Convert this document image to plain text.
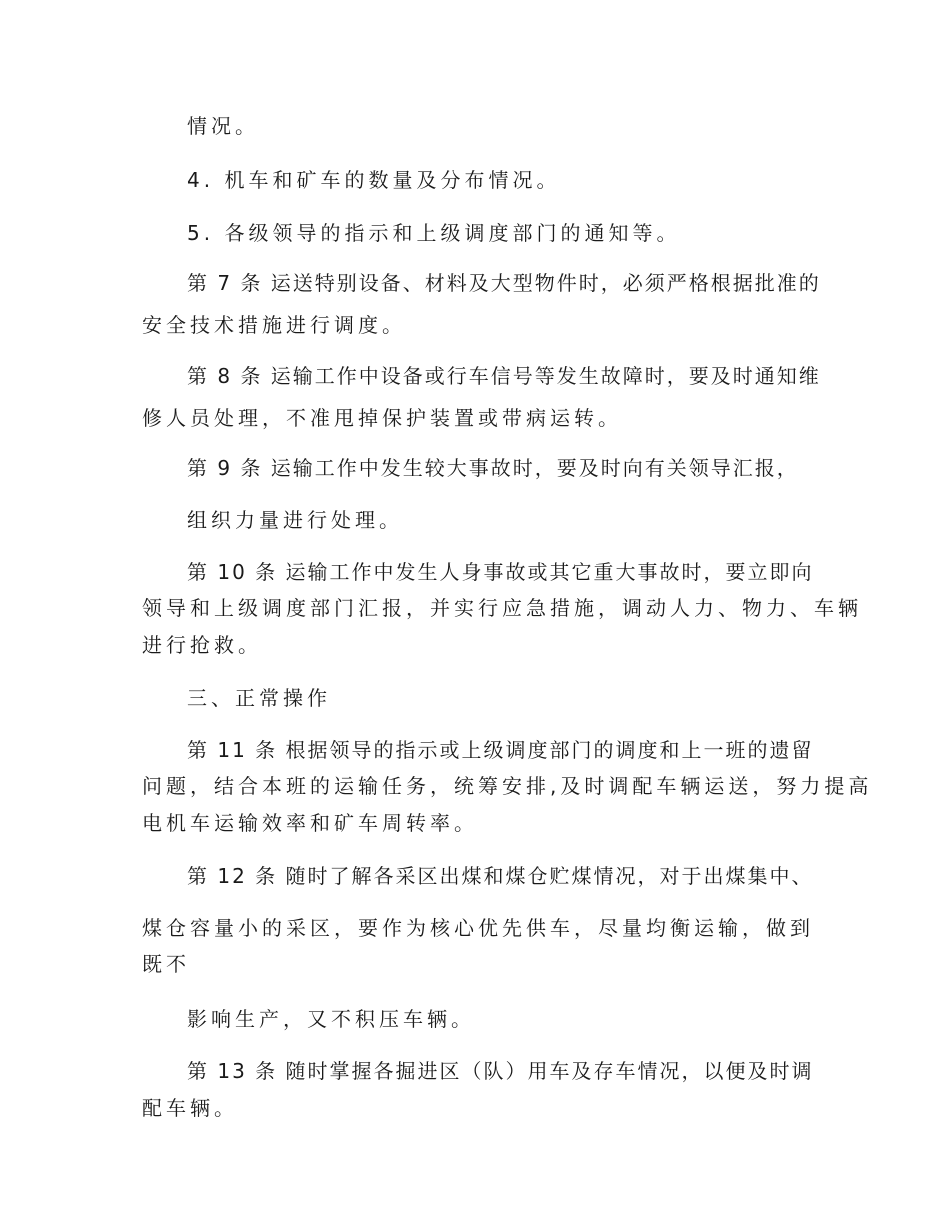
情况。
4. 机车和矿车的数量及分布情况。
5. 各级领导的指示和上级调度部门的通知等。
第 7 条 运送特别设备、材料及大型物件时，必须严格根据批准的
安全技术措施进行调度。
第 8 条 运输工作中设备或行车信号等发生故障时，要及时通知维
修人员处理，不准甩掉保护装置或带病运转。
第 9 条 运输工作中发生较大事故时，要及时向有关领导汇报，
组织力量进行处理。
第 10 条 运输工作中发生人身事故或其它重大事故时，要立即向
领导和上级调度部门汇报，并实行应急措施，调动人力、物力、车辆
进行抢救。
三、正常操作
第 11 条 根据领导的指示或上级调度部门的调度和上一班的遗留
问题，结合本班的运输任务，统筹安排,及时调配车辆运送，努力提高
电机车运输效率和矿车周转率。
第 12 条 随时了解各采区出煤和煤仓贮煤情况，对于出煤集中、
煤仓容量小的采区，要作为核心优先供车，尽量均衡运输，做到
既不
影响生产，又不积压车辆。
第 13 条 随时掌握各掘进区（队）用车及存车情况，以便及时调
配车辆。
